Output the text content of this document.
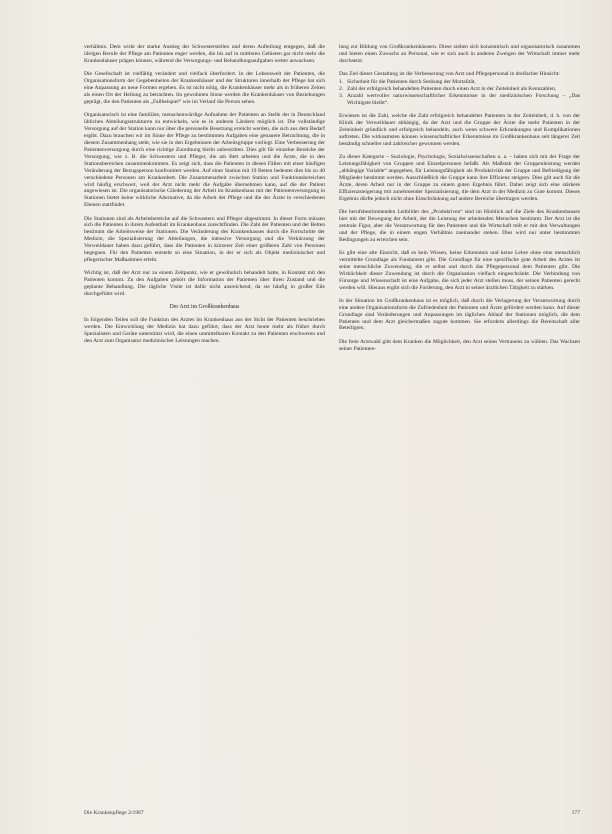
verhältnis. Dem wirkt der starke Anstieg der Schwesterstellen und deren Aufteilung entgegen, daß die übrigen Berufe der Pflege am Patienten enger werden, die bis auf in mittleren Gebieten gar nicht mehr die Krankenhäuser prägen können, während die Versorgungs- und Behandlungsaufgaben weiter anwachsen.

Die Gesellschaft ist vielfältig verändert und vielfach überfordert. In der Lebenswelt der Patienten, die Organisationsform der Gegebenheiten der Krankenhäuser und der Strukturen innerhalb der Pflege hat sich eine Anpassung an neue Formen ergeben. Es ist nicht nötig, die Krankenhäuser mehr als in früheren Zeiten als einen Ort der Heilung zu betrachten. Im gewohnten Sinne werden die Krankenhäuser von Beziehungen geprägt, die den Patienten als „Fallbeispiel“ wie im Verlauf die Person sehen.

Organisatorisch ist eine familiäre, menschenwürdige Aufnahme der Patienten an Stelle der in Deutschland üblichen Abteilungsstrukturen zu entwickeln, wie es in anderen Ländern möglich ist. Die vollständige Versorgung auf der Station kann nur über die personelle Besetzung erreicht werden, die sich aus dem Bedarf ergibt. Dazu brauchen wir im Sinne der Pflege zu bestimmten Aufgaben eine genauere Betrachtung, die in diesem Zusammenhang steht, wie sie in den Ergebnissen der Arbeitsgruppe vorliegt. Eine Verbesserung der Patientenversorgung durch eine richtige Zuordnung bleibt unbestritten. Dies gilt für einzelne Bereiche der Versorgung, wie z. B. die Schwestern und Pfleger, die am Bett arbeiten und die Ärzte, die in den Stationsbereichen zusammenkommen. Es zeigt sich, dass die Patienten in diesen Fällen mit einer häufigen Veränderung der Bezugsperson konfrontiert werden. Auf einer Station mit 19 Betten bedeutet dies bis zu 40 verschiedene Personen am Krankenbett. Die Zusammenarbeit zwischen Station und Funktionsbereichen wird häufig erschwert, weil der Arzt nicht mehr die Aufgabe übernehmen kann, auf die der Patient angewiesen ist. Die organisatorische Gliederung der Arbeit im Krankenhaus mit der Patientenversorgung in Stationen bietet keine wirkliche Alternative, da die Arbeit der Pflege und die der Ärzte in verschiedenen Ebenen stattfindet.

Die Stationen sind als Arbeitsbereiche auf die Schwestern und Pfleger abgestimmt. In dieser Form müssen sich die Patienten in ihrem Aufenthalt im Krankenhaus zurechtfinden. Die Zahl der Patienten und der Betten bestimmt die Arbeitsweise der Stationen. Die Veränderung des Krankenhauses durch die Fortschritte der Medizin, die Spezialisierung der Abteilungen, die intensive Versorgung und die Verkürzung der Verweildauer haben dazu geführt, dass die Patienten in kürzerer Zeit einer größeren Zahl von Personen begegnen. Für den Patienten entsteht so eine Situation, in der er sich als Objekt medizinischer und pflegerischer Maßnahmen erlebt.

Wichtig ist, daß der Arzt nur zu einem Zeitpunkt, wie er gewöhnlich behandelt hatte, in Kontakt mit den Patienten kommt. Zu den Aufgaben gehört die Information der Patienten über ihren Zustand und die geplante Behandlung. Die tägliche Visite ist dafür nicht ausreichend, da sie häufig in großer Eile durchgeführt wird.

Der Arzt im Großkrankenhaus

In folgenden Teilen soll die Funktion des Arztes im Krankenhaus aus der Sicht der Patienten beschrieben werden. Die Entwicklung der Medizin hat dazu geführt, dass der Arzt heute mehr als früher durch Spezialisten und Geräte unterstützt wird, die einen unmittelbaren Kontakt zu den Patienten erschweren und den Arzt zum Organisator medizinischer Leistungen machen.

lung zur Bildung von Großkrankenhäusern. Diese ziehen sich konzentrisch und organisatorisch zusammen und bieten einen Zuwachs an Personal, wie er sich auch in anderen Zweigen der Wirtschaft immer mehr durchsetzt.

Das Ziel dieser Gestaltung ist die Verbesserung von Arzt und Pflegepersonal in dreifacher Hinsicht:

1. Sicherheit für die Patienten durch Senkung der Mortalität,
2. Zahl der erfolgreich behandelten Patienten durch einen Arzt in der Zeiteinheit als Kennzahlen,
3. Anzahl wertvoller naturwissenschaftlicher Erkenntnisse in der medizinischen Forschung – „Das Wichtigste bleibt“.

Erwiesen ist die Zahl, welche die Zahl erfolgreich behandelter Patienten in der Zeiteinheit, d. h. von der Klinik der Verweildauer abhängig, da der Arzt und die Gruppe der Ärzte die mehr Patienten in der Zeiteinheit gründlich und erfolgreich behandeln, auch wenn schwere Erkrankungen und Komplikationen auftreten. Die wirksamsten können wissenschaftlicher Erkenntnisse im Großkrankenhaus seit längerer Zeit beständig schneller und zahlreicher gewonnen werden.

Zu dieser Kategorie – Soziologie, Psychologie, Sozialwissenschaften u. a. – haben sich mit der Frage der Leistungsfähigkeit von Gruppen und Einzelpersonen befaßt. Als Maßstab der Gruppenleistung werden „abhängige Variable“ angegeben, für Leistungsfähigkeit als Produktivität der Gruppe und Befriedigung der Mitglieder bestimmt werden. Ausschließlich die Gruppe kann ihre Effizienz steigern. Dies gilt auch für die Ärzte, deren Arbeit nur in der Gruppe zu einem guten Ergebnis führt. Dabei zeigt sich eine stärkere Effizienzsteigerung mit zunehmender Spezialisierung, die dem Arzt in der Medizin zu Gute kommt. Dieses Ergebnis dürfte jedoch nicht ohne Einschränkung auf andere Bereiche übertragen werden.

Die berufsbestimmenden Leitbilder des „Produktiven“ sind im Hinblick auf die Ziele des Krankenhauses hier mit der Bewegung der Arbeit, der die Leistung der arbeitenden Menschen bestimmt. Der Arzt ist die zentrale Figur, aber die Verantwortung für den Patienten und die Wirtschaft teilt er mit den Verwaltungen und der Pflege, die in einem engen Verhältnis zueinander stehen. Dies wird nur unter bestimmten Bedingungen zu erreichen sein.

Es gibt eine alte Einsicht, daß es kein Wissen, keine Erkenntnis und keine Lehre ohne eine menschlich vermittelte Grundlage als Fundament gibt. Die Grundlage für eine spezifische gute Arbeit des Arztes ist seine menschliche Zuwendung, die er selbst und durch das Pflegepersonal dem Patienten gibt. Die Wirklichkeit dieser Zuwendung ist durch die Organisation vielfach eingeschränkt. Die Verbindung von Fürsorge und Wissenschaft ist eine Aufgabe, die sich jeder Arzt stellen muss, der seinen Patienten gerecht werden will. Hieraus ergibt sich die Forderung, den Arzt in seiner ärztlichen Tätigkeit zu stärken.

In der Situation im Großkrankenhaus ist es möglich, daß durch die Verlagerung der Verantwortung durch eine andere Organisationsform die Zufriedenheit der Patienten und Ärzte gefördert werden kann. Auf dieser Grundlage sind Veränderungen und Anpassungen im täglichen Ablauf der Stationen möglich, die dem Patienten und dem Arzt gleichermaßen zugute kommen. Sie erfordern allerdings die Bereitschaft aller Beteiligten.

Die freie Arztwahl gibt dem Kranken die Möglichkeit, den Arzt seines Vertrauens zu wählen. Das Wachsen seiner Patienten-

Die Krankenpflege 2/1987	177
